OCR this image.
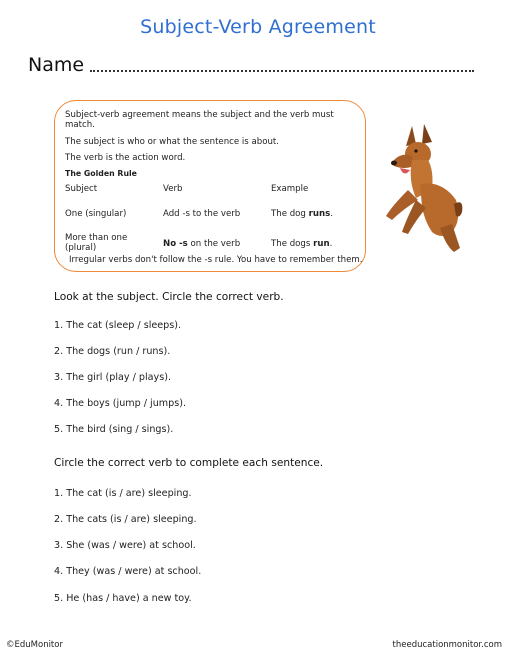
Subject-Verb Agreement
Name
Subject-verb agreement means the subject and the verb must match.
The subject is who or what the sentence is about.
The verb is the action word.
The Golden Rule
Subject	Verb	Example
One (singular)	Add -s to the verb	The dog runs.
More than one (plural)	No -s on the verb	The dogs run.
Irregular verbs don't follow the -s rule. You have to remember them.
Look at the subject. Circle the correct verb.
1. The cat (sleep / sleeps).
2. The dogs (run / runs).
3. The girl (play / plays).
4. The boys (jump / jumps).
5. The bird (sing / sings).
Circle the correct verb to complete each sentence.
1. The cat (is / are) sleeping.
2. The cats (is / are) sleeping.
3. She (was / were) at school.
4. They (was / were) at school.
5. He (has / have) a new toy.
©EduMonitor	theeducationmonitor.com
